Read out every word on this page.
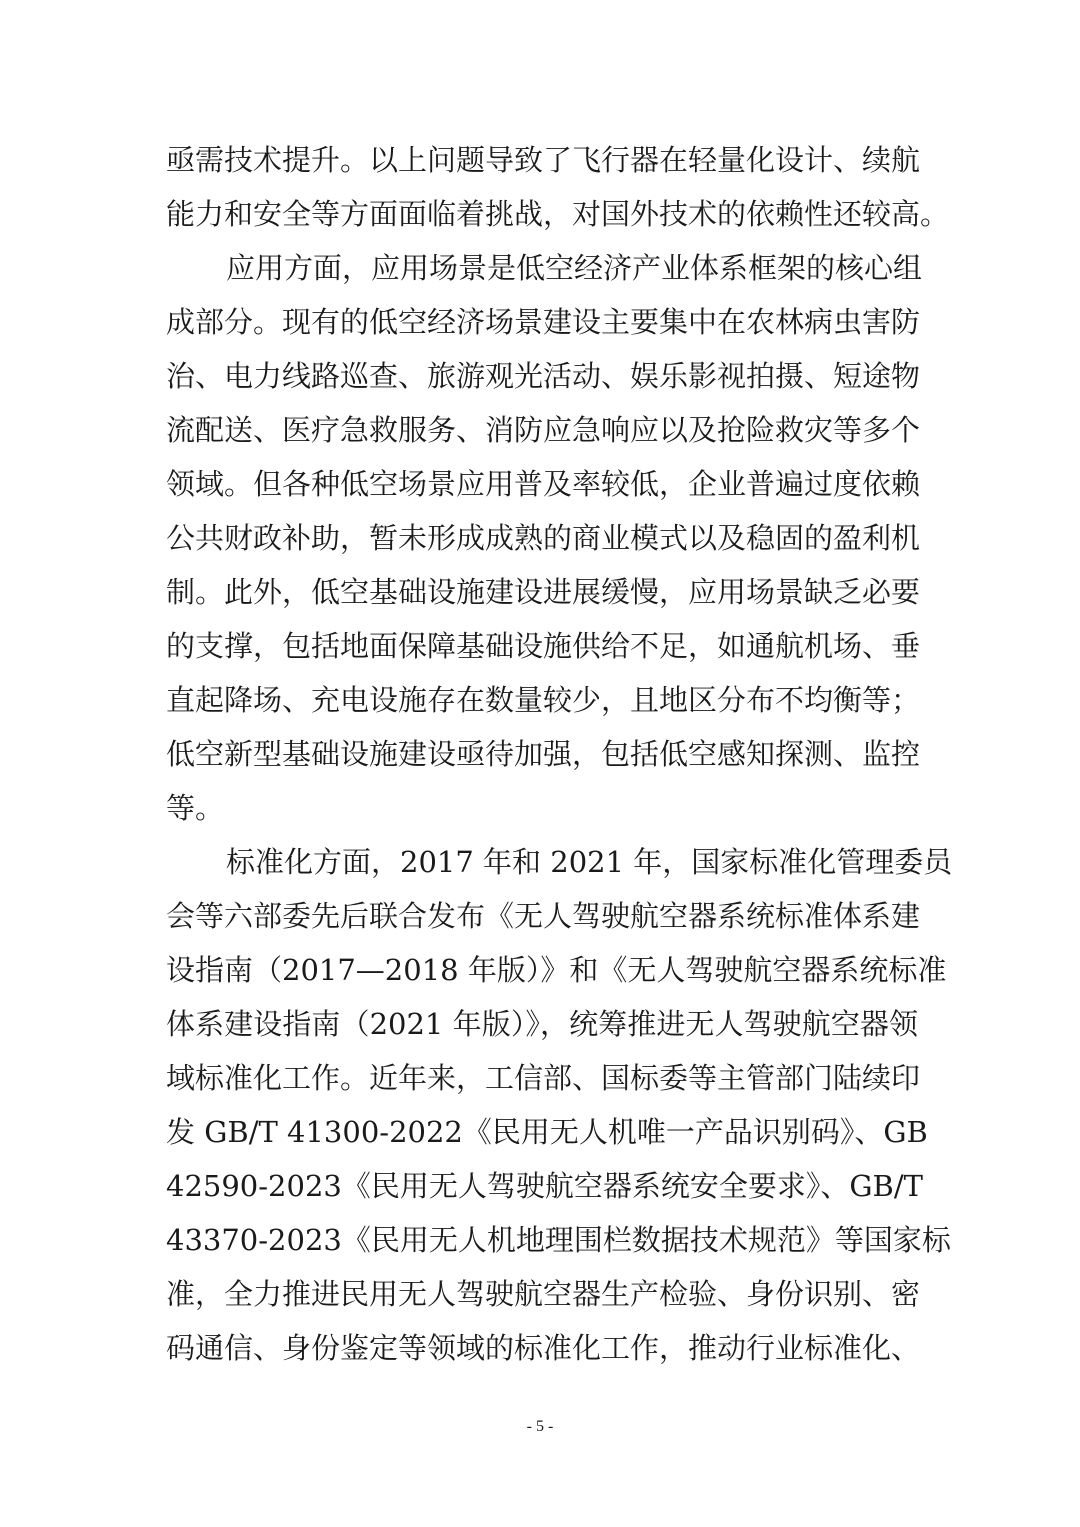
亟需技术提升。以上问题导致了飞行器在轻量化设计、续航
能力和安全等方面面临着挑战，对国外技术的依赖性还较高。
应用方面，应用场景是低空经济产业体系框架的核心组
成部分。现有的低空经济场景建设主要集中在农林病虫害防
治、电力线路巡查、旅游观光活动、娱乐影视拍摄、短途物
流配送、医疗急救服务、消防应急响应以及抢险救灾等多个
领域。但各种低空场景应用普及率较低，企业普遍过度依赖
公共财政补助，暂未形成成熟的商业模式以及稳固的盈利机
制。此外，低空基础设施建设进展缓慢，应用场景缺乏必要
的支撑，包括地面保障基础设施供给不足，如通航机场、垂
直起降场、充电设施存在数量较少，且地区分布不均衡等；
低空新型基础设施建设亟待加强，包括低空感知探测、监控
等。
标准化方面，2017 年和 2021 年，国家标准化管理委员
会等六部委先后联合发布《无人驾驶航空器系统标准体系建
设指南（2017—2018 年版）》和《无人驾驶航空器系统标准
体系建设指南（2021 年版）》，统筹推进无人驾驶航空器领
域标准化工作。近年来，工信部、国标委等主管部门陆续印
发 GB/T 41300-2022《民用无人机唯一产品识别码》、GB
42590-2023《民用无人驾驶航空器系统安全要求》、GB/T
43370-2023《民用无人机地理围栏数据技术规范》等国家标
准，全力推进民用无人驾驶航空器生产检验、身份识别、密
码通信、身份鉴定等领域的标准化工作，推动行业标准化、
- 5 -
